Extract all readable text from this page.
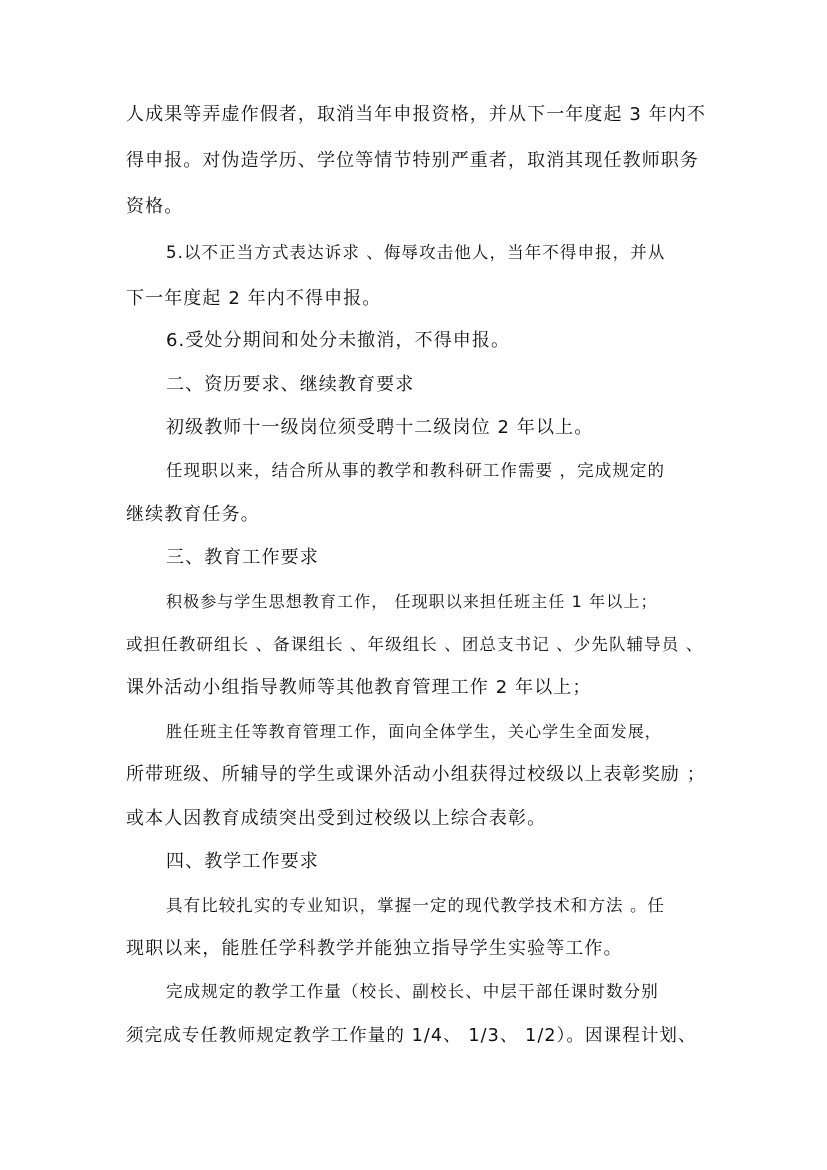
人成果等弄虚作假者，取消当年申报资格，并从下一年度起 3 年内不
得申报。对伪造学历、学位等情节特别严重者，取消其现任教师职务
资格。
5.以不正当方式表达诉求 、侮辱攻击他人，当年不得申报，并从
下一年度起 2 年内不得申报。
6.受处分期间和处分未撤消，不得申报。
二、资历要求、继续教育要求
初级教师十一级岗位须受聘十二级岗位 2 年以上。
任现职以来，结合所从事的教学和教科研工作需要 ，完成规定的
继续教育任务。
三、教育工作要求
积极参与学生思想教育工作， 任现职以来担任班主任 1 年以上；
或担任教研组长 、备课组长 、年级组长 、团总支书记 、少先队辅导员 、
课外活动小组指导教师等其他教育管理工作 2 年以上；
胜任班主任等教育管理工作，面向全体学生，关心学生全面发展，
所带班级、所辅导的学生或课外活动小组获得过校级以上表彰奖励 ；
或本人因教育成绩突出受到过校级以上综合表彰。
四、教学工作要求
具有比较扎实的专业知识，掌握一定的现代教学技术和方法 。任
现职以来，能胜任学科教学并能独立指导学生实验等工作。
完成规定的教学工作量（校长、副校长、中层干部任课时数分别
须完成专任教师规定教学工作量的 1/4、 1/3、 1/2）。因课程计划、
